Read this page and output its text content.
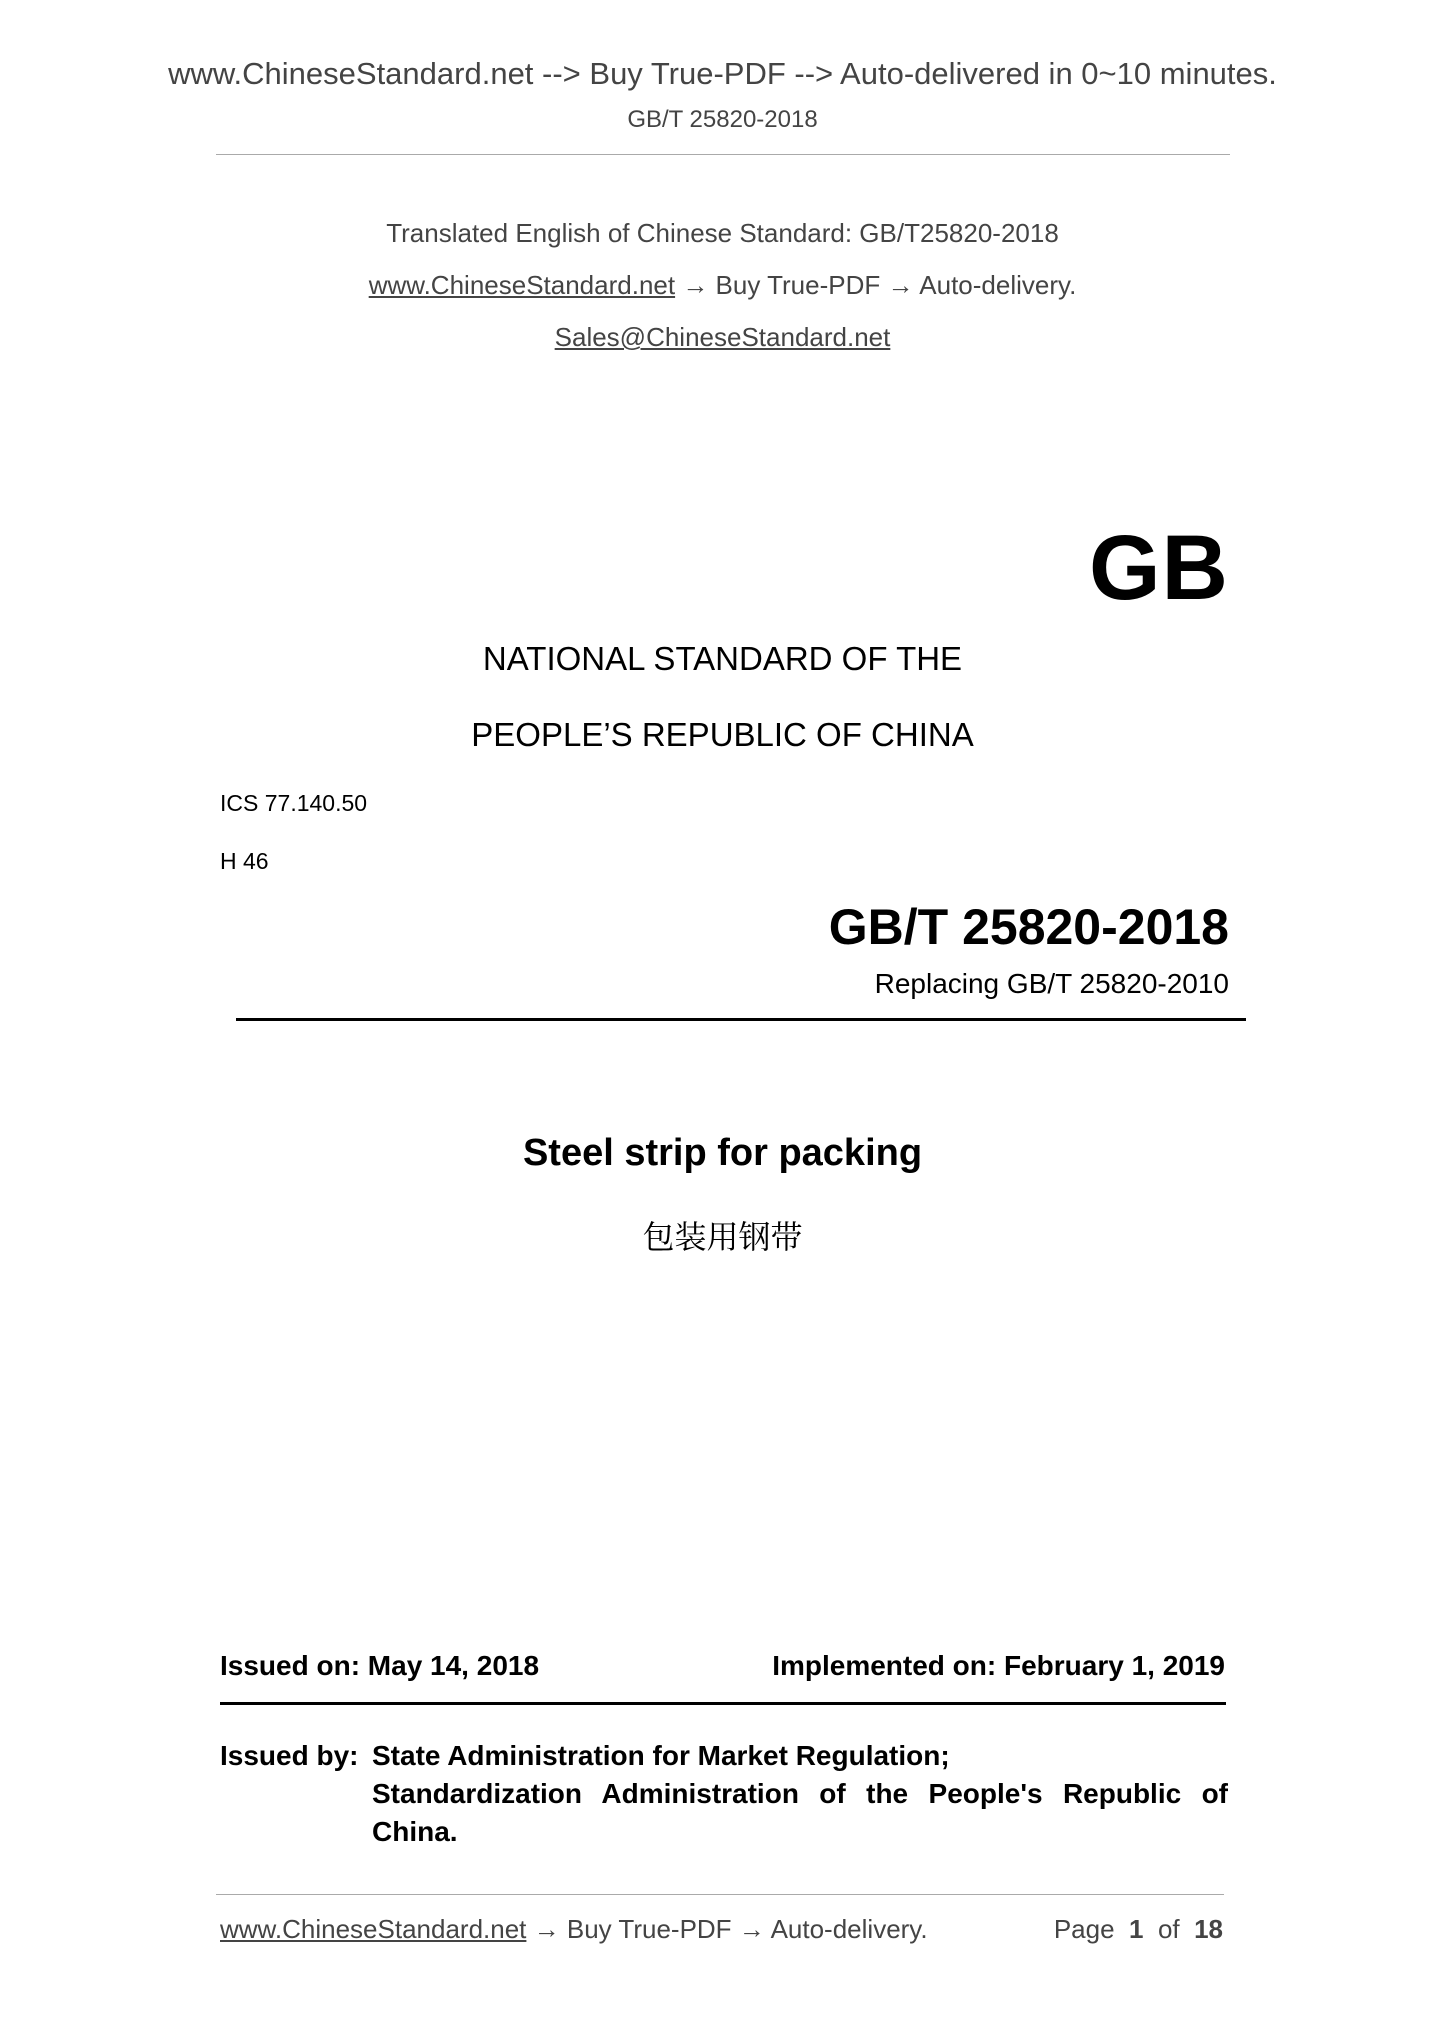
www.ChineseStandard.net --> Buy True-PDF --> Auto-delivered in 0~10 minutes.
GB/T 25820-2018
Translated English of Chinese Standard: GB/T25820-2018
www.ChineseStandard.net → Buy True-PDF → Auto-delivery.
Sales@ChineseStandard.net
GB
NATIONAL STANDARD OF THE
PEOPLE’S REPUBLIC OF CHINA
ICS 77.140.50
H 46
GB/T 25820-2018
Replacing GB/T 25820-2010
Steel strip for packing
包装用钢带
Issued on: May 14, 2018	Implemented on: February 1, 2019
Issued by: State Administration for Market Regulation;
Standardization Administration of the People's Republic of
China.
www.ChineseStandard.net → Buy True-PDF → Auto-delivery.	Page 1 of 18
